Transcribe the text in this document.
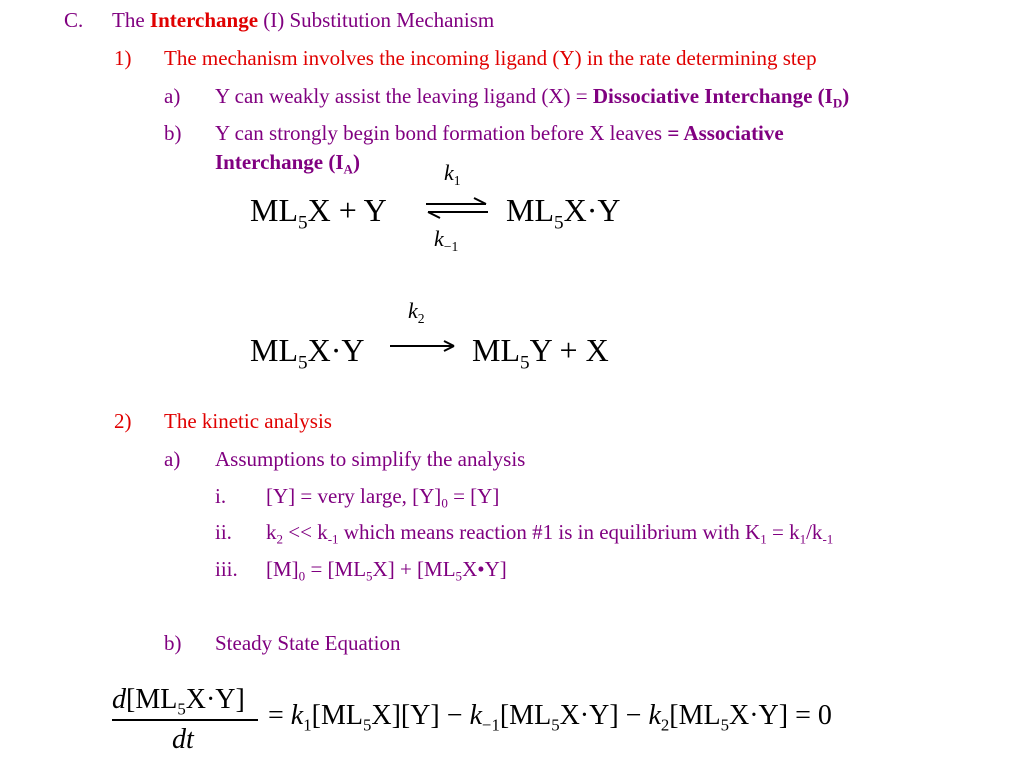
C. The Interchange (I) Substitution Mechanism
1) The mechanism involves the incoming ligand (Y) in the rate determining step
a) Y can weakly assist the leaving ligand (X) = Dissociative Interchange $(I_D)$
b) Y can strongly begin bond formation before X leaves = Associative
Interchange $(I_A)$
$ML_5X + Y$
$k_1$
$k_{-1}$
$ML_5X\cdot Y$
$ML_5X\cdot Y$
$k_2$
$ML_5Y + X$
2) The kinetic analysis
a) Assumptions to simplify the analysis
i. [Y] = very large, $[Y]_0 = [Y]$
ii. $k_2 << k_{-1}$ which means reaction #1 is in equilibrium with $K_1 = k_1/k_{-1}$
iii. $[M]_0 = [ML_5X]$ + $[ML_5X•Y]$
b) Steady State Equation
$d[ML_5X\cdot Y]$
dt
= $k_1[ML_5X][Y] - k_{-1}[ML_5X\cdot Y] - k_2[ML_5X\cdot Y] = 0$
